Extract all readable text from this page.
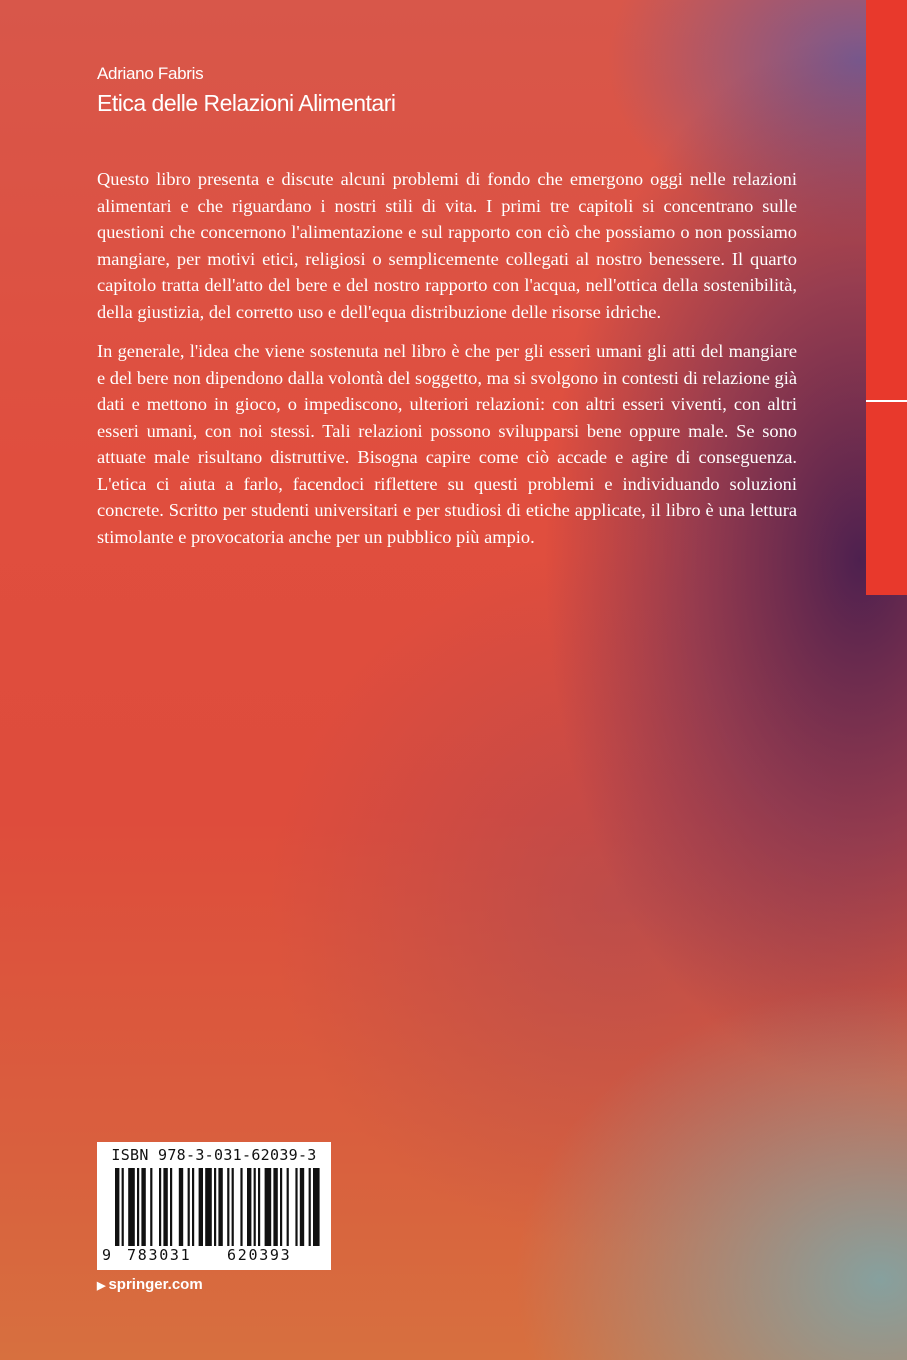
Adriano Fabris
Etica delle Relazioni Alimentari

Questo libro presenta e discute alcuni problemi di fondo che emergono oggi nelle relazioni alimentari e che riguardano i nostri stili di vita. I primi tre capitoli si concentrano sulle questioni che concernono l'alimentazione e sul rapporto con ciò che possiamo o non possiamo mangiare, per motivi etici, religiosi o semplicemente collegati al nostro benessere. Il quarto capitolo tratta dell'atto del bere e del nostro rapporto con l'acqua, nell'ottica della sostenibilità, della giustizia, del corretto uso e dell'equa distribuzione delle risorse idriche.

In generale, l'idea che viene sostenuta nel libro è che per gli esseri umani gli atti del mangiare e del bere non dipendono dalla volontà del soggetto, ma si svolgono in contesti di relazione già dati e mettono in gioco, o impediscono, ulteriori relazioni: con altri esseri viventi, con altri esseri umani, con noi stessi. Tali relazioni possono svilupparsi bene oppure male. Se sono attuate male risultano distruttive. Bisogna capire come ciò accade e agire di conseguenza. L'etica ci aiuta a farlo, facendoci riflettere su questi problemi e individuando soluzioni concrete. Scritto per studenti universitari e per studiosi di etiche applicate, il libro è una lettura stimolante e provocatoria anche per un pubblico più ampio.

ISBN 978-3-031-62039-3
9 783031 620393
▶ springer.com
